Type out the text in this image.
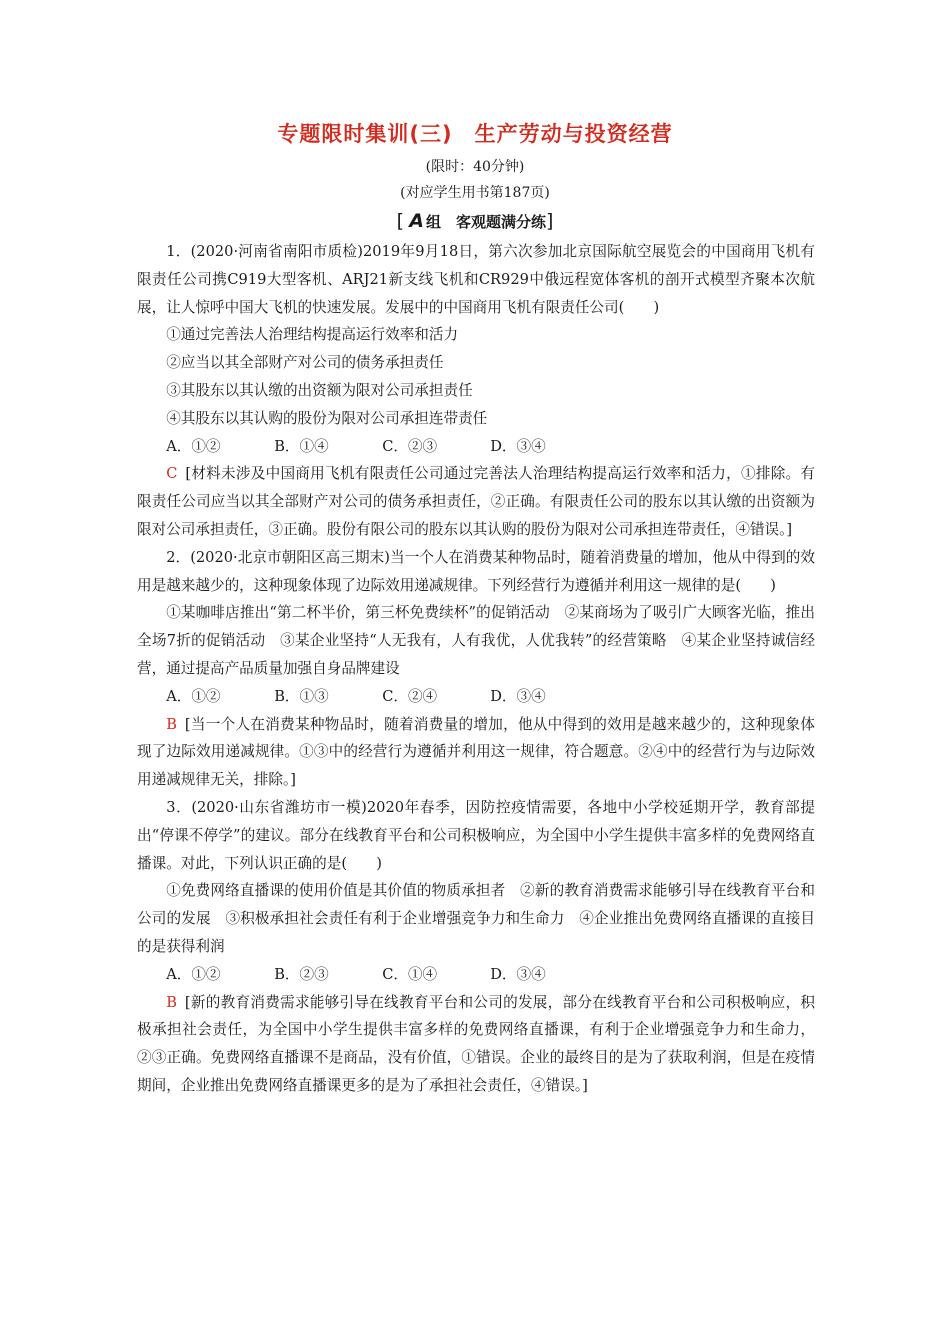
专题限时集训(三) 生产劳动与投资经营
(限时：40分钟)
(对应学生用书第187页)
[ A 组　客观题满分练]

1．(2020·河南省南阳市质检)2019年9月18日，第六次参加北京国际航空展览会的中国商用飞机有限责任公司携C919大型客机、ARJ21新支线飞机和CR929中俄远程宽体客机的剖开式模型齐聚本次航展，让人惊呼中国大飞机的快速发展。发展中的中国商用飞机有限责任公司(　　)

①通过完善法人治理结构提高运行效率和活力

②应当以其全部财产对公司的债务承担责任

③其股东以其认缴的出资额为限对公司承担责任

④其股东以其认购的股份为限对公司承担连带责任

A．①②	B．①④	C．②③	D．③④

C [材料未涉及中国商用飞机有限责任公司通过完善法人治理结构提高运行效率和活力，①排除。有限责任公司应当以其全部财产对公司的债务承担责任，②正确。有限责任公司的股东以其认缴的出资额为限对公司承担责任，③正确。股份有限公司的股东以其认购的股份为限对公司承担连带责任，④错误。]

2．(2020·北京市朝阳区高三期末)当一个人在消费某种物品时，随着消费量的增加，他从中得到的效用是越来越少的，这种现象体现了边际效用递减规律。下列经营行为遵循并利用这一规律的是(　　)

①某咖啡店推出“第二杯半价，第三杯免费续杯”的促销活动　②某商场为了吸引广大顾客光临，推出全场7折的促销活动　③某企业坚持“人无我有，人有我优，人优我转”的经营策略　④某企业坚持诚信经营，通过提高产品质量加强自身品牌建设

A．①②	B．①③	C．②④	D．③④

B [当一个人在消费某种物品时，随着消费量的增加，他从中得到的效用是越来越少的，这种现象体现了边际效用递减规律。①③中的经营行为遵循并利用这一规律，符合题意。②④中的经营行为与边际效用递减规律无关，排除。]

3．(2020·山东省潍坊市一模)2020年春季，因防控疫情需要，各地中小学校延期开学，教育部提出“停课不停学”的建议。部分在线教育平台和公司积极响应，为全国中小学生提供丰富多样的免费网络直播课。对此，下列认识正确的是(　　)

①免费网络直播课的使用价值是其价值的物质承担者　②新的教育消费需求能够引导在线教育平台和公司的发展　③积极承担社会责任有利于企业增强竞争力和生命力　④企业推出免费网络直播课的直接目的是获得利润

A．①②	B．②③	C．①④	D．③④

B [新的教育消费需求能够引导在线教育平台和公司的发展，部分在线教育平台和公司积极响应，积极承担社会责任，为全国中小学生提供丰富多样的免费网络直播课，有利于企业增强竞争力和生命力，②③正确。免费网络直播课不是商品，没有价值，①错误。企业的最终目的是为了获取利润，但是在疫情期间，企业推出免费网络直播课更多的是为了承担社会责任，④错误。]
